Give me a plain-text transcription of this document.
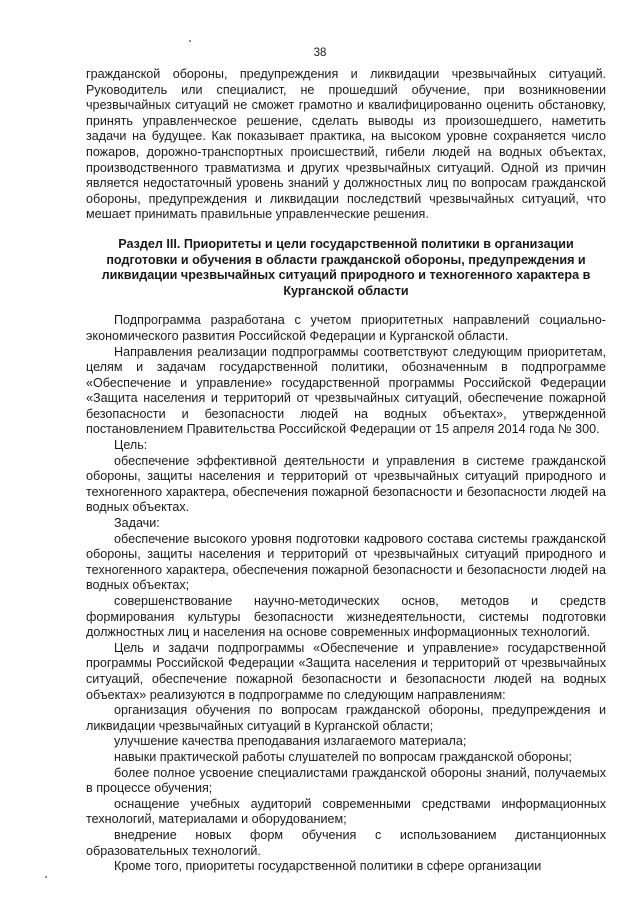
38

гражданской обороны, предупреждения и ликвидации чрезвычайных ситуаций. Руководитель или специалист, не прошедший обучение, при возникновении чрезвычайных ситуаций не сможет грамотно и квалифицированно оценить обстановку, принять управленческое решение, сделать выводы из произошедшего, наметить задачи на будущее. Как показывает практика, на высоком уровне сохраняется число пожаров, дорожно-транспортных происшествий, гибели людей на водных объектах, производственного травматизма и других чрезвычайных ситуаций. Одной из причин является недостаточный уровень знаний у должностных лиц по вопросам гражданской обороны, предупреждения и ликвидации последствий чрезвычайных ситуаций, что мешает принимать правильные управленческие решения.

Раздел III. Приоритеты и цели государственной политики в организации подготовки и обучения в области гражданской обороны, предупреждения и ликвидации чрезвычайных ситуаций природного и техногенного характера в Курганской области

Подпрограмма разработана с учетом приоритетных направлений социально-экономического развития Российской Федерации и Курганской области.

Направления реализации подпрограммы соответствуют следующим приоритетам, целям и задачам государственной политики, обозначенным в подпрограмме «Обеспечение и управление» государственной программы Российской Федерации «Защита населения и территорий от чрезвычайных ситуаций, обеспечение пожарной безопасности и безопасности людей на водных объектах», утвержденной постановлением Правительства Российской Федерации от 15 апреля 2014 года № 300.

Цель:

обеспечение эффективной деятельности и управления в системе гражданской обороны, защиты населения и территорий от чрезвычайных ситуаций природного и техногенного характера, обеспечения пожарной безопасности и безопасности людей на водных объектах.

Задачи:

обеспечение высокого уровня подготовки кадрового состава системы гражданской обороны, защиты населения и территорий от чрезвычайных ситуаций природного и техногенного характера, обеспечения пожарной безопасности и безопасности людей на водных объектах;

совершенствование научно-методических основ, методов и средств формирования культуры безопасности жизнедеятельности, системы подготовки должностных лиц и населения на основе современных информационных технологий.

Цель и задачи подпрограммы «Обеспечение и управление» государственной программы Российской Федерации «Защита населения и территорий от чрезвычайных ситуаций, обеспечение пожарной безопасности и безопасности людей на водных объектах» реализуются в подпрограмме по следующим направлениям:

организация обучения по вопросам гражданской обороны, предупреждения и ликвидации чрезвычайных ситуаций в Курганской области;

улучшение качества преподавания излагаемого материала;

навыки практической работы слушателей по вопросам гражданской обороны;

более полное усвоение специалистами гражданской обороны знаний, получаемых в процессе обучения;

оснащение учебных аудиторий современными средствами информационных технологий, материалами и оборудованием;

внедрение новых форм обучения с использованием дистанционных образовательных технологий.

Кроме того, приоритеты государственной политики в сфере организации
